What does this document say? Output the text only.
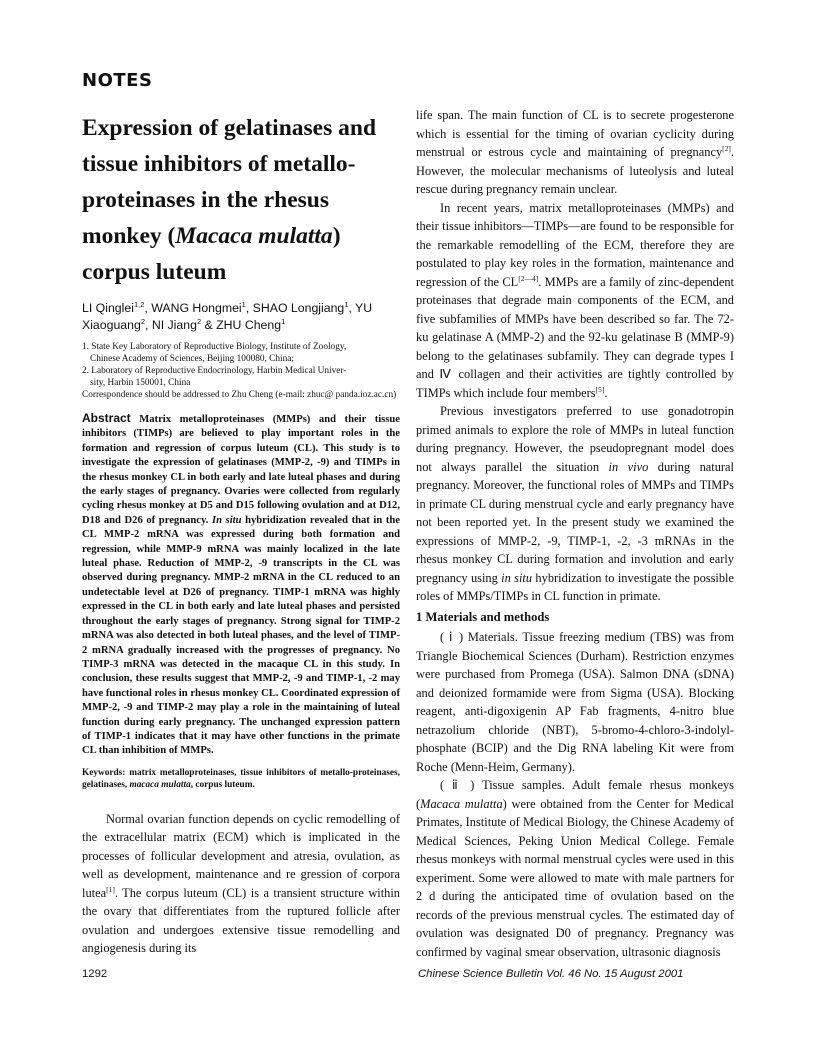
NOTES
Expression of gelatinases and tissue inhibitors of metallo-proteinases in the rhesus monkey (Macaca mulatta) corpus luteum
LI Qinglei$^{1,2}$, WANG Hongmei$^1$, SHAO Longjiang$^1$, YU Xiaoguang$^2$, NI Jiang$^2$ & ZHU Cheng$^1$
1. State Key Laboratory of Reproductive Biology, Institute of Zoology,
Chinese Academy of Sciences, Beijing 100080, China;
2. Laboratory of Reproductive Endocrinology, Harbin Medical Univer-
sity, Harbin 150001, China
Correspondence should be addressed to Zhu Cheng (e-mail: zhuc@ panda.ioz.ac.cn)
Abstract Matrix metalloproteinases (MMPs) and their tissue inhibitors (TIMPs) are believed to play important roles in the formation and regression of corpus luteum (CL). This study is to investigate the expression of gelatinases (MMP-2, -9) and TIMPs in the rhesus monkey CL in both early and late luteal phases and during the early stages of pregnancy. Ovaries were collected from regularly cycling rhesus monkey at D5 and D15 following ovulation and at D12, D18 and D26 of pregnancy. In situ hybridization revealed that in the CL MMP-2 mRNA was expressed during both formation and regression, while MMP-9 mRNA was mainly localized in the late luteal phase. Reduction of MMP-2, -9 transcripts in the CL was observed during pregnancy. MMP-2 mRNA in the CL reduced to an undetectable level at D26 of pregnancy. TIMP-1 mRNA was highly expressed in the CL in both early and late luteal phases and persisted throughout the early stages of pregnancy. Strong signal for TIMP-2 mRNA was also detected in both luteal phases, and the level of TIMP-2 mRNA gradually increased with the progresses of pregnancy. No TIMP-3 mRNA was detected in the macaque CL in this study. In conclusion, these results suggest that MMP-2, -9 and TIMP-1, -2 may have functional roles in rhesus monkey CL. Coordinated expression of MMP-2, -9 and TIMP-2 may play a role in the maintaining of luteal function during early pregnancy. The unchanged expression pattern of TIMP-1 indicates that it may have other functions in the primate CL than inhibition of MMPs.
Keywords: matrix metalloproteinases, tissue inhibitors of metallo-proteinases, gelatinases, macaca mulatta, corpus luteum.

Normal ovarian function depends on cyclic remodelling of the extracellular matrix (ECM) which is implicated in the processes of follicular development and atresia, ovulation, as well as development, maintenance and re gression of corpora lutea[1]. The corpus luteum (CL) is a transient structure within the ovary that differentiates from the ruptured follicle after ovulation and undergoes extensive tissue remodelling and angiogenesis during its

life span. The main function of CL is to secrete progesterone which is essential for the timing of ovarian cyclicity during menstrual or estrous cycle and maintaining of pregnancy[2]. However, the molecular mechanisms of luteolysis and luteal rescue during pregnancy remain unclear.

In recent years, matrix metalloproteinases (MMPs) and their tissue inhibitors—TIMPs—are found to be responsible for the remarkable remodelling of the ECM, therefore they are postulated to play key roles in the formation, maintenance and regression of the CL[2—4]. MMPs are a family of zinc-dependent proteinases that degrade main components of the ECM, and five subfamilies of MMPs have been described so far. The 72-ku gelatinase A (MMP-2) and the 92-ku gelatinase B (MMP-9) belong to the gelatinases subfamily. They can degrade types I and Ⅳ collagen and their activities are tightly controlled by TIMPs which include four members[5].

Previous investigators preferred to use gonadotropin primed animals to explore the role of MMPs in luteal function during pregnancy. However, the pseudopregnant model does not always parallel the situation in vivo during natural pregnancy. Moreover, the functional roles of MMPs and TIMPs in primate CL during menstrual cycle and early pregnancy have not been reported yet. In the present study we examined the expressions of MMP-2, -9, TIMP-1, -2, -3 mRNAs in the rhesus monkey CL during formation and involution and early pregnancy using in situ hybridization to investigate the possible roles of MMPs/TIMPs in CL function in primate.

1 Materials and methods

( ⅰ ) Materials. Tissue freezing medium (TBS) was from Triangle Biochemical Sciences (Durham). Restriction enzymes were purchased from Promega (USA). Salmon DNA (sDNA) and deionized formamide were from Sigma (USA). Blocking reagent, anti-digoxigenin AP Fab fragments, 4-nitro blue netrazolium chloride (NBT), 5-bromo-4-chloro-3-indolyl-phosphate (BCIP) and the Dig RNA labeling Kit were from Roche (Menn-Heim, Germany).

( ⅱ ) Tissue samples. Adult female rhesus monkeys (Macaca mulatta) were obtained from the Center for Medical Primates, Institute of Medical Biology, the Chinese Academy of Medical Sciences, Peking Union Medical College. Female rhesus monkeys with normal menstrual cycles were used in this experiment. Some were allowed to mate with male partners for 2 d during the anticipated time of ovulation based on the records of the previous menstrual cycles. The estimated day of ovulation was designated D0 of pregnancy. Pregnancy was confirmed by vaginal smear observation, ultrasonic diagnosis

1292	Chinese Science Bulletin Vol. 46 No. 15 August 2001
